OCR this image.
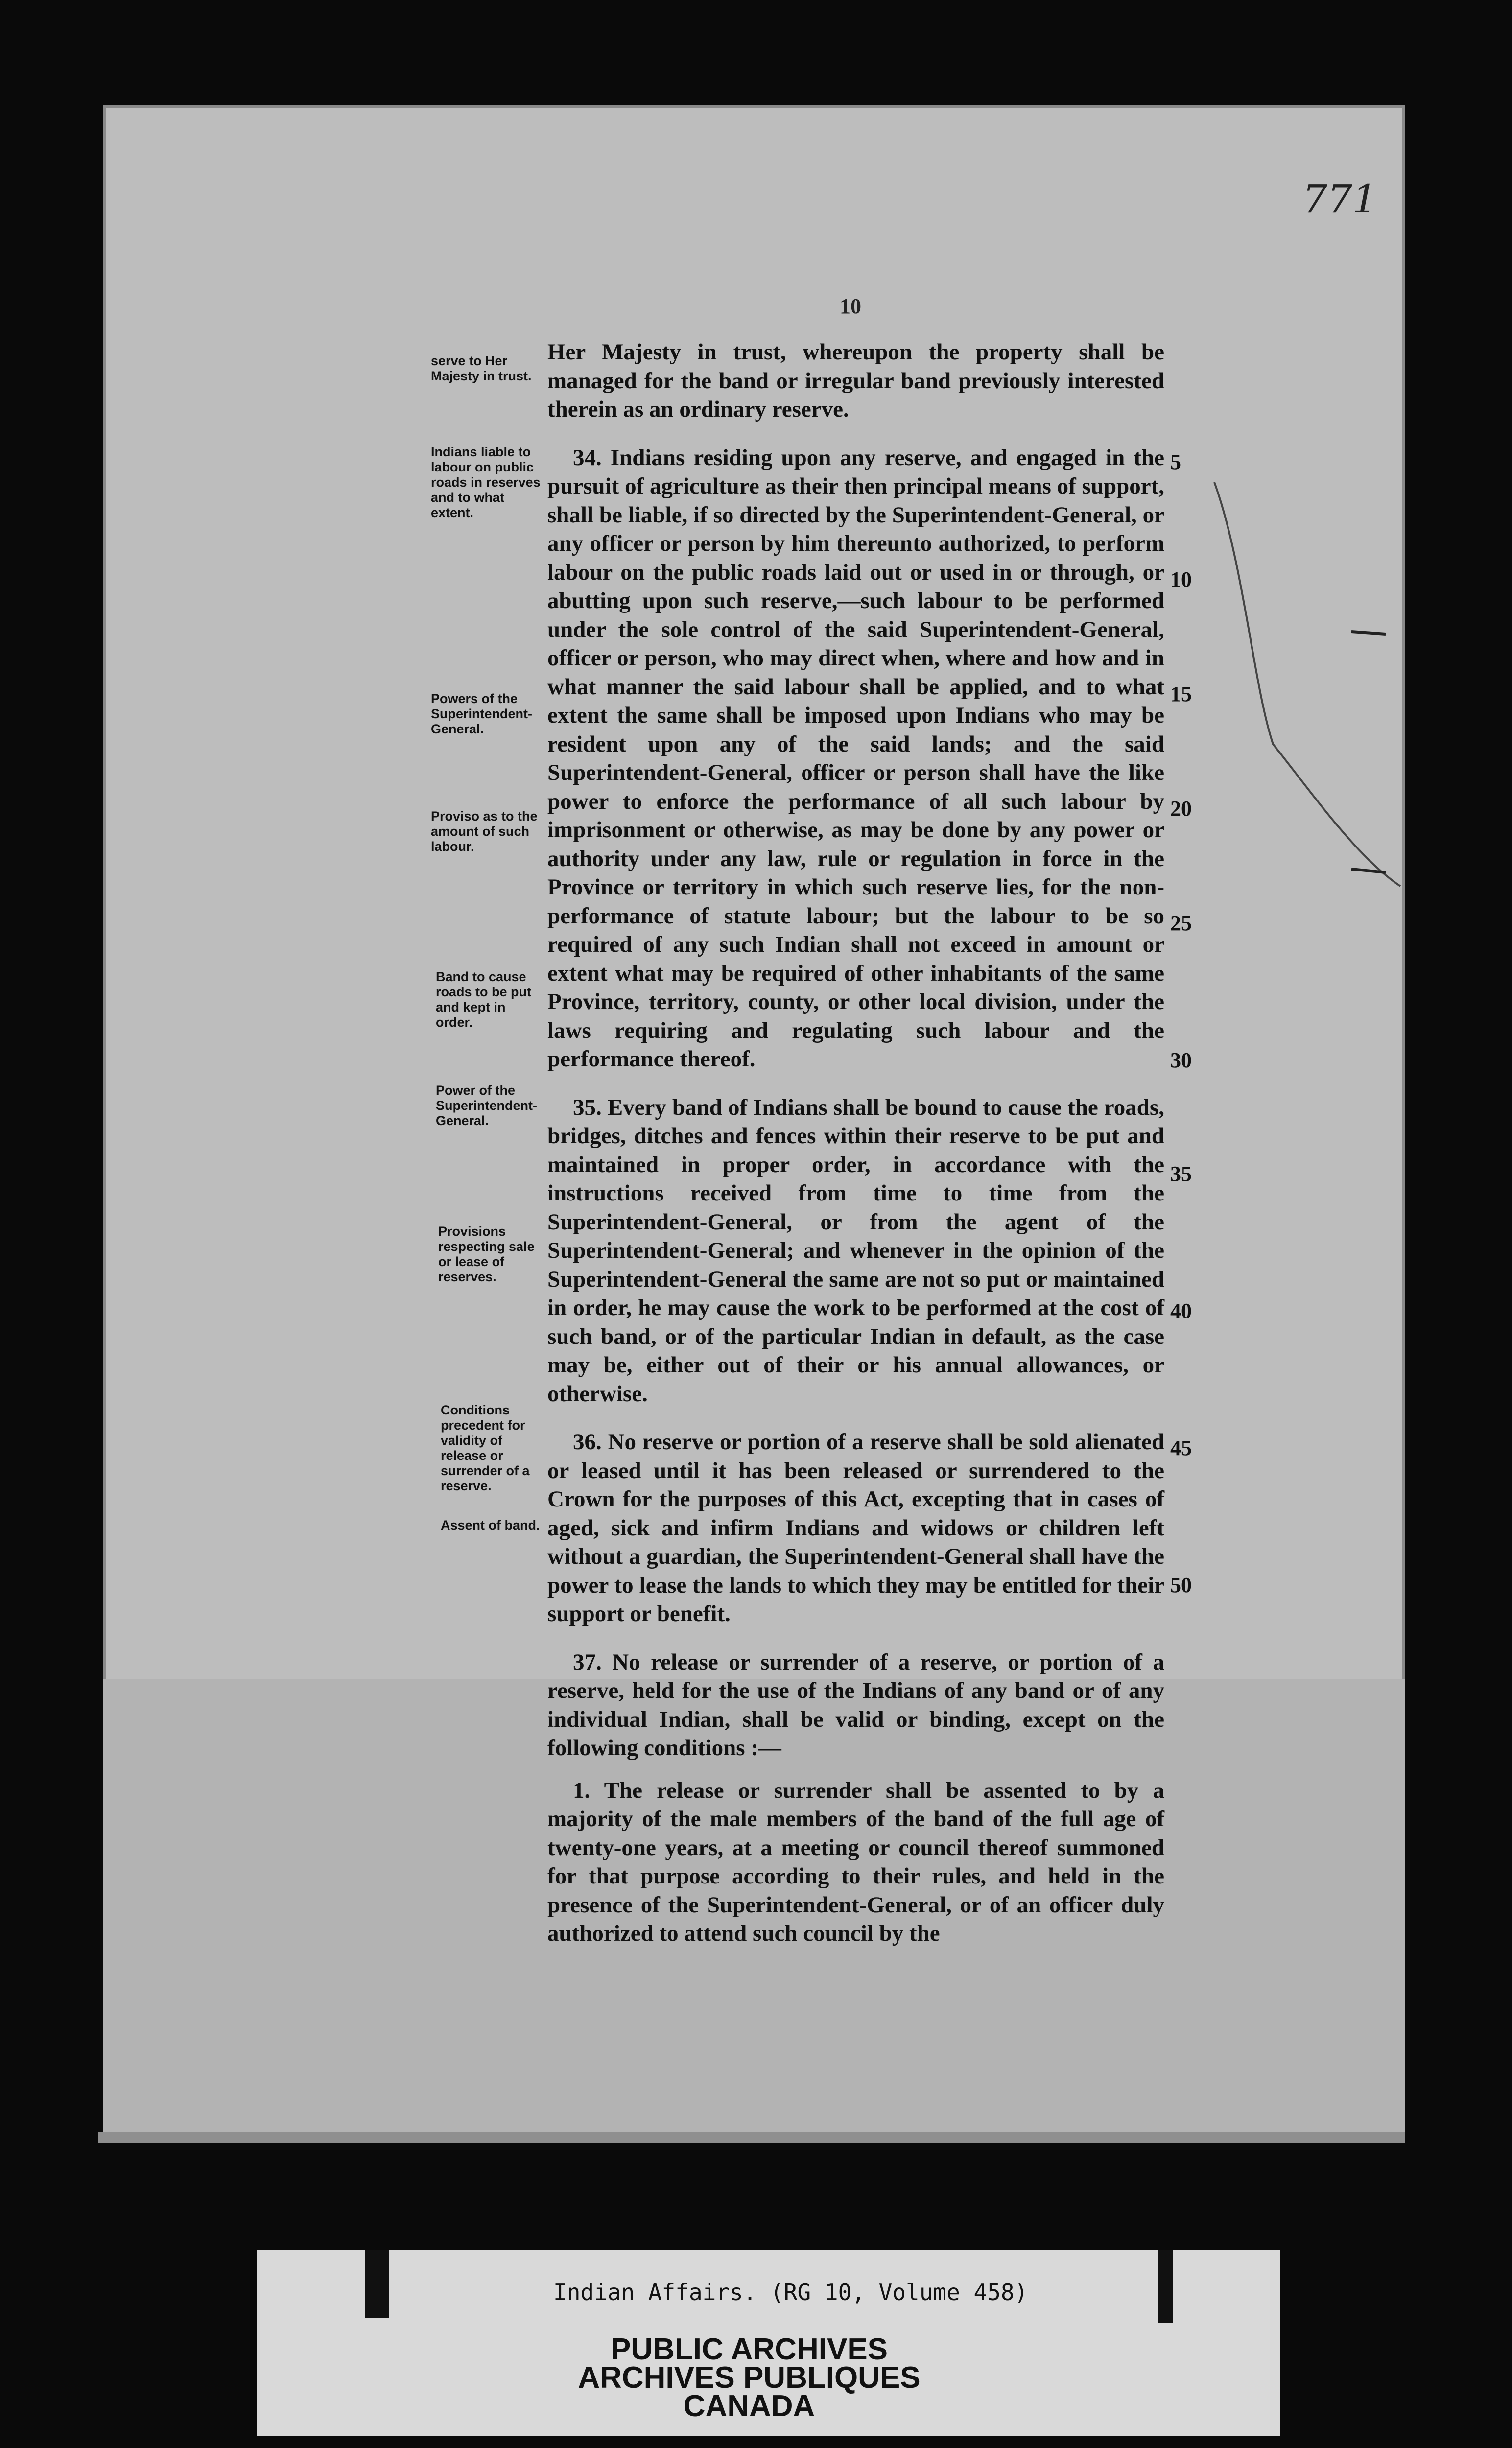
771
10

Her Majesty in trust, whereupon the property shall be managed for the band or irregular band previously interested therein as an ordinary reserve.

34. Indians residing upon any reserve, and engaged in the pursuit of agriculture as their then principal means of support, shall be liable, if so directed by the Superintendent-General, or any officer or person by him thereunto authorized, to perform labour on the public roads laid out or used in or through, or abutting upon such reserve,—such labour to be performed under the sole control of the said Superintendent-General, officer or person, who may direct when, where and how and in what manner the said labour shall be applied, and to what extent the same shall be imposed upon Indians who may be resident upon any of the said lands; and the said Superintendent-General, officer or person shall have the like power to enforce the performance of all such labour by imprisonment or otherwise, as may be done by any power or authority under any law, rule or regulation in force in the Province or territory in which such reserve lies, for the non-performance of statute labour; but the labour to be so required of any such Indian shall not exceed in amount or extent what may be required of other inhabitants of the same Province, territory, county, or other local division, under the laws requiring and regulating such labour and the performance thereof.

35. Every band of Indians shall be bound to cause the roads, bridges, ditches and fences within their reserve to be put and maintained in proper order, in accordance with the instructions received from time to time from the Superintendent-General, or from the agent of the Superintendent-General; and whenever in the opinion of the Superintendent-General the same are not so put or maintained in order, he may cause the work to be performed at the cost of such band, or of the particular Indian in default, as the case may be, either out of their or his annual allowances, or otherwise.

36. No reserve or portion of a reserve shall be sold alienated or leased until it has been released or surrendered to the Crown for the purposes of this Act, excepting that in cases of aged, sick and infirm Indians and widows or children left without a guardian, the Superintendent-General shall have the power to lease the lands to which they may be entitled for their support or benefit.

37. No release or surrender of a reserve, or portion of a reserve, held for the use of the Indians of any band or of any individual Indian, shall be valid or binding, except on the following conditions :—

1. The release or surrender shall be assented to by a majority of the male members of the band of the full age of twenty-one years, at a meeting or council thereof summoned for that purpose according to their rules, and held in the presence of the Superintendent-General, or of an officer duly authorized to attend such council by the

serve to Her Majesty in trust.
Indians liable to labour on public roads in reserves and to what extent.
Powers of the Superintendent-General.
Proviso as to the amount of such labour.
Band to cause roads to be put and kept in order.
Power of the Superintendent-General.
Provisions respecting sale or lease of reserves.
Conditions precedent for validity of release or surrender of a reserve.
Assent of band.
5
10
15
20
25
30
35
40
45
50
Indian Affairs. (RG 10, Volume 458)
PUBLIC ARCHIVES
ARCHIVES PUBLIQUES
CANADA
